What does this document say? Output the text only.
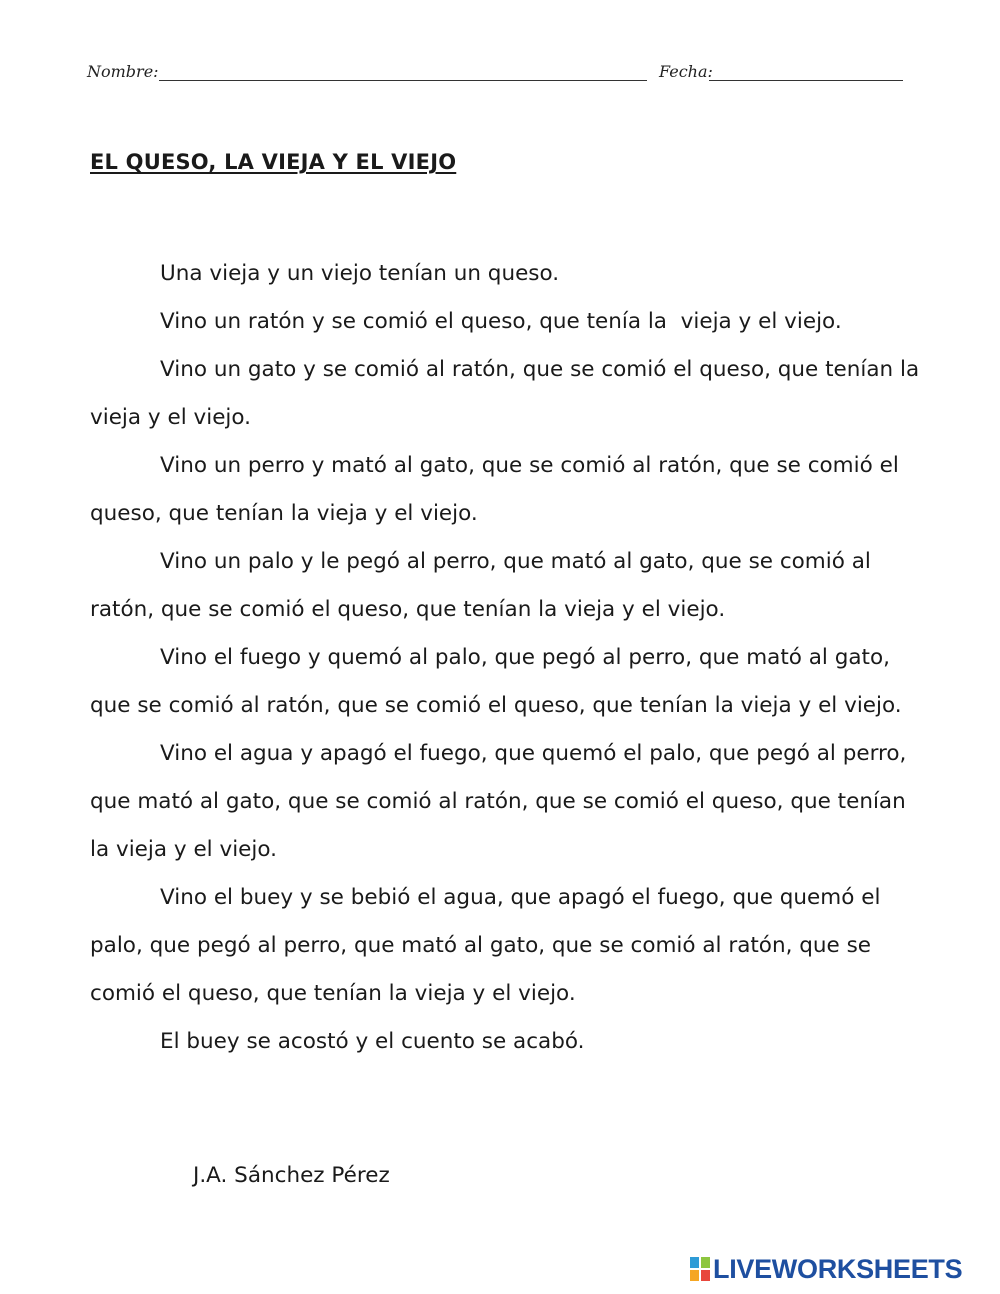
Nombre:	Fecha:
EL QUESO, LA VIEJA Y EL VIEJO

Una vieja y un viejo tenían un queso.

Vino un ratón y se comió el queso, que tenía la  vieja y el viejo.

Vino un gato y se comió al ratón, que se comió el queso, que tenían la vieja y el viejo.

Vino un perro y mató al gato, que se comió al ratón, que se comió el queso, que tenían la vieja y el viejo.

Vino un palo y le pegó al perro, que mató al gato, que se comió al ratón, que se comió el queso, que tenían la vieja y el viejo.

Vino el fuego y quemó al palo, que pegó al perro, que mató al gato, que se comió al ratón, que se comió el queso, que tenían la vieja y el viejo.

Vino el agua y apagó el fuego, que quemó el palo, que pegó al perro, que mató al gato, que se comió al ratón, que se comió el queso, que tenían la vieja y el viejo.

Vino el buey y se bebió el agua, que apagó el fuego, que quemó el palo, que pegó al perro, que mató al gato, que se comió al ratón, que se comió el queso, que tenían la vieja y el viejo.

El buey se acostó y el cuento se acabó.

J.A. Sánchez Pérez
LIVEWORKSHEETS
